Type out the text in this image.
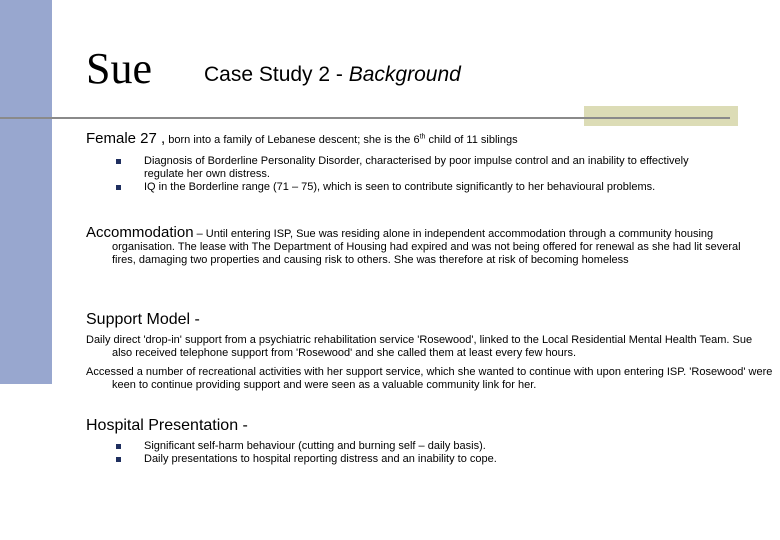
Sue Case Study 2 - Background
Female 27 , born into a family of Lebanese descent; she is the 6th child of 11 siblings
Diagnosis of Borderline Personality Disorder, characterised by poor impulse control and an inability to effectively regulate her own distress.
IQ in the Borderline range (71 – 75), which is seen to contribute significantly to her behavioural problems.
Accommodation – Until entering ISP, Sue was residing alone in independent accommodation through a community housing organisation. The lease with The Department of Housing had expired and was not being offered for renewal as she had lit several fires, damaging two properties and causing risk to others. She was therefore at risk of becoming homeless
Support Model -
Daily direct 'drop-in' support from a psychiatric rehabilitation service 'Rosewood', linked to the Local Residential Mental Health Team. Sue also received telephone support from 'Rosewood' and she called them at least every few hours.
Accessed a number of recreational activities with her support service, which she wanted to continue with upon entering ISP. 'Rosewood' were keen to continue providing support and were seen as a valuable community link for her.
Hospital Presentation -
Significant self-harm behaviour (cutting and burning self – daily basis).
Daily presentations to hospital reporting distress and an inability to cope.
